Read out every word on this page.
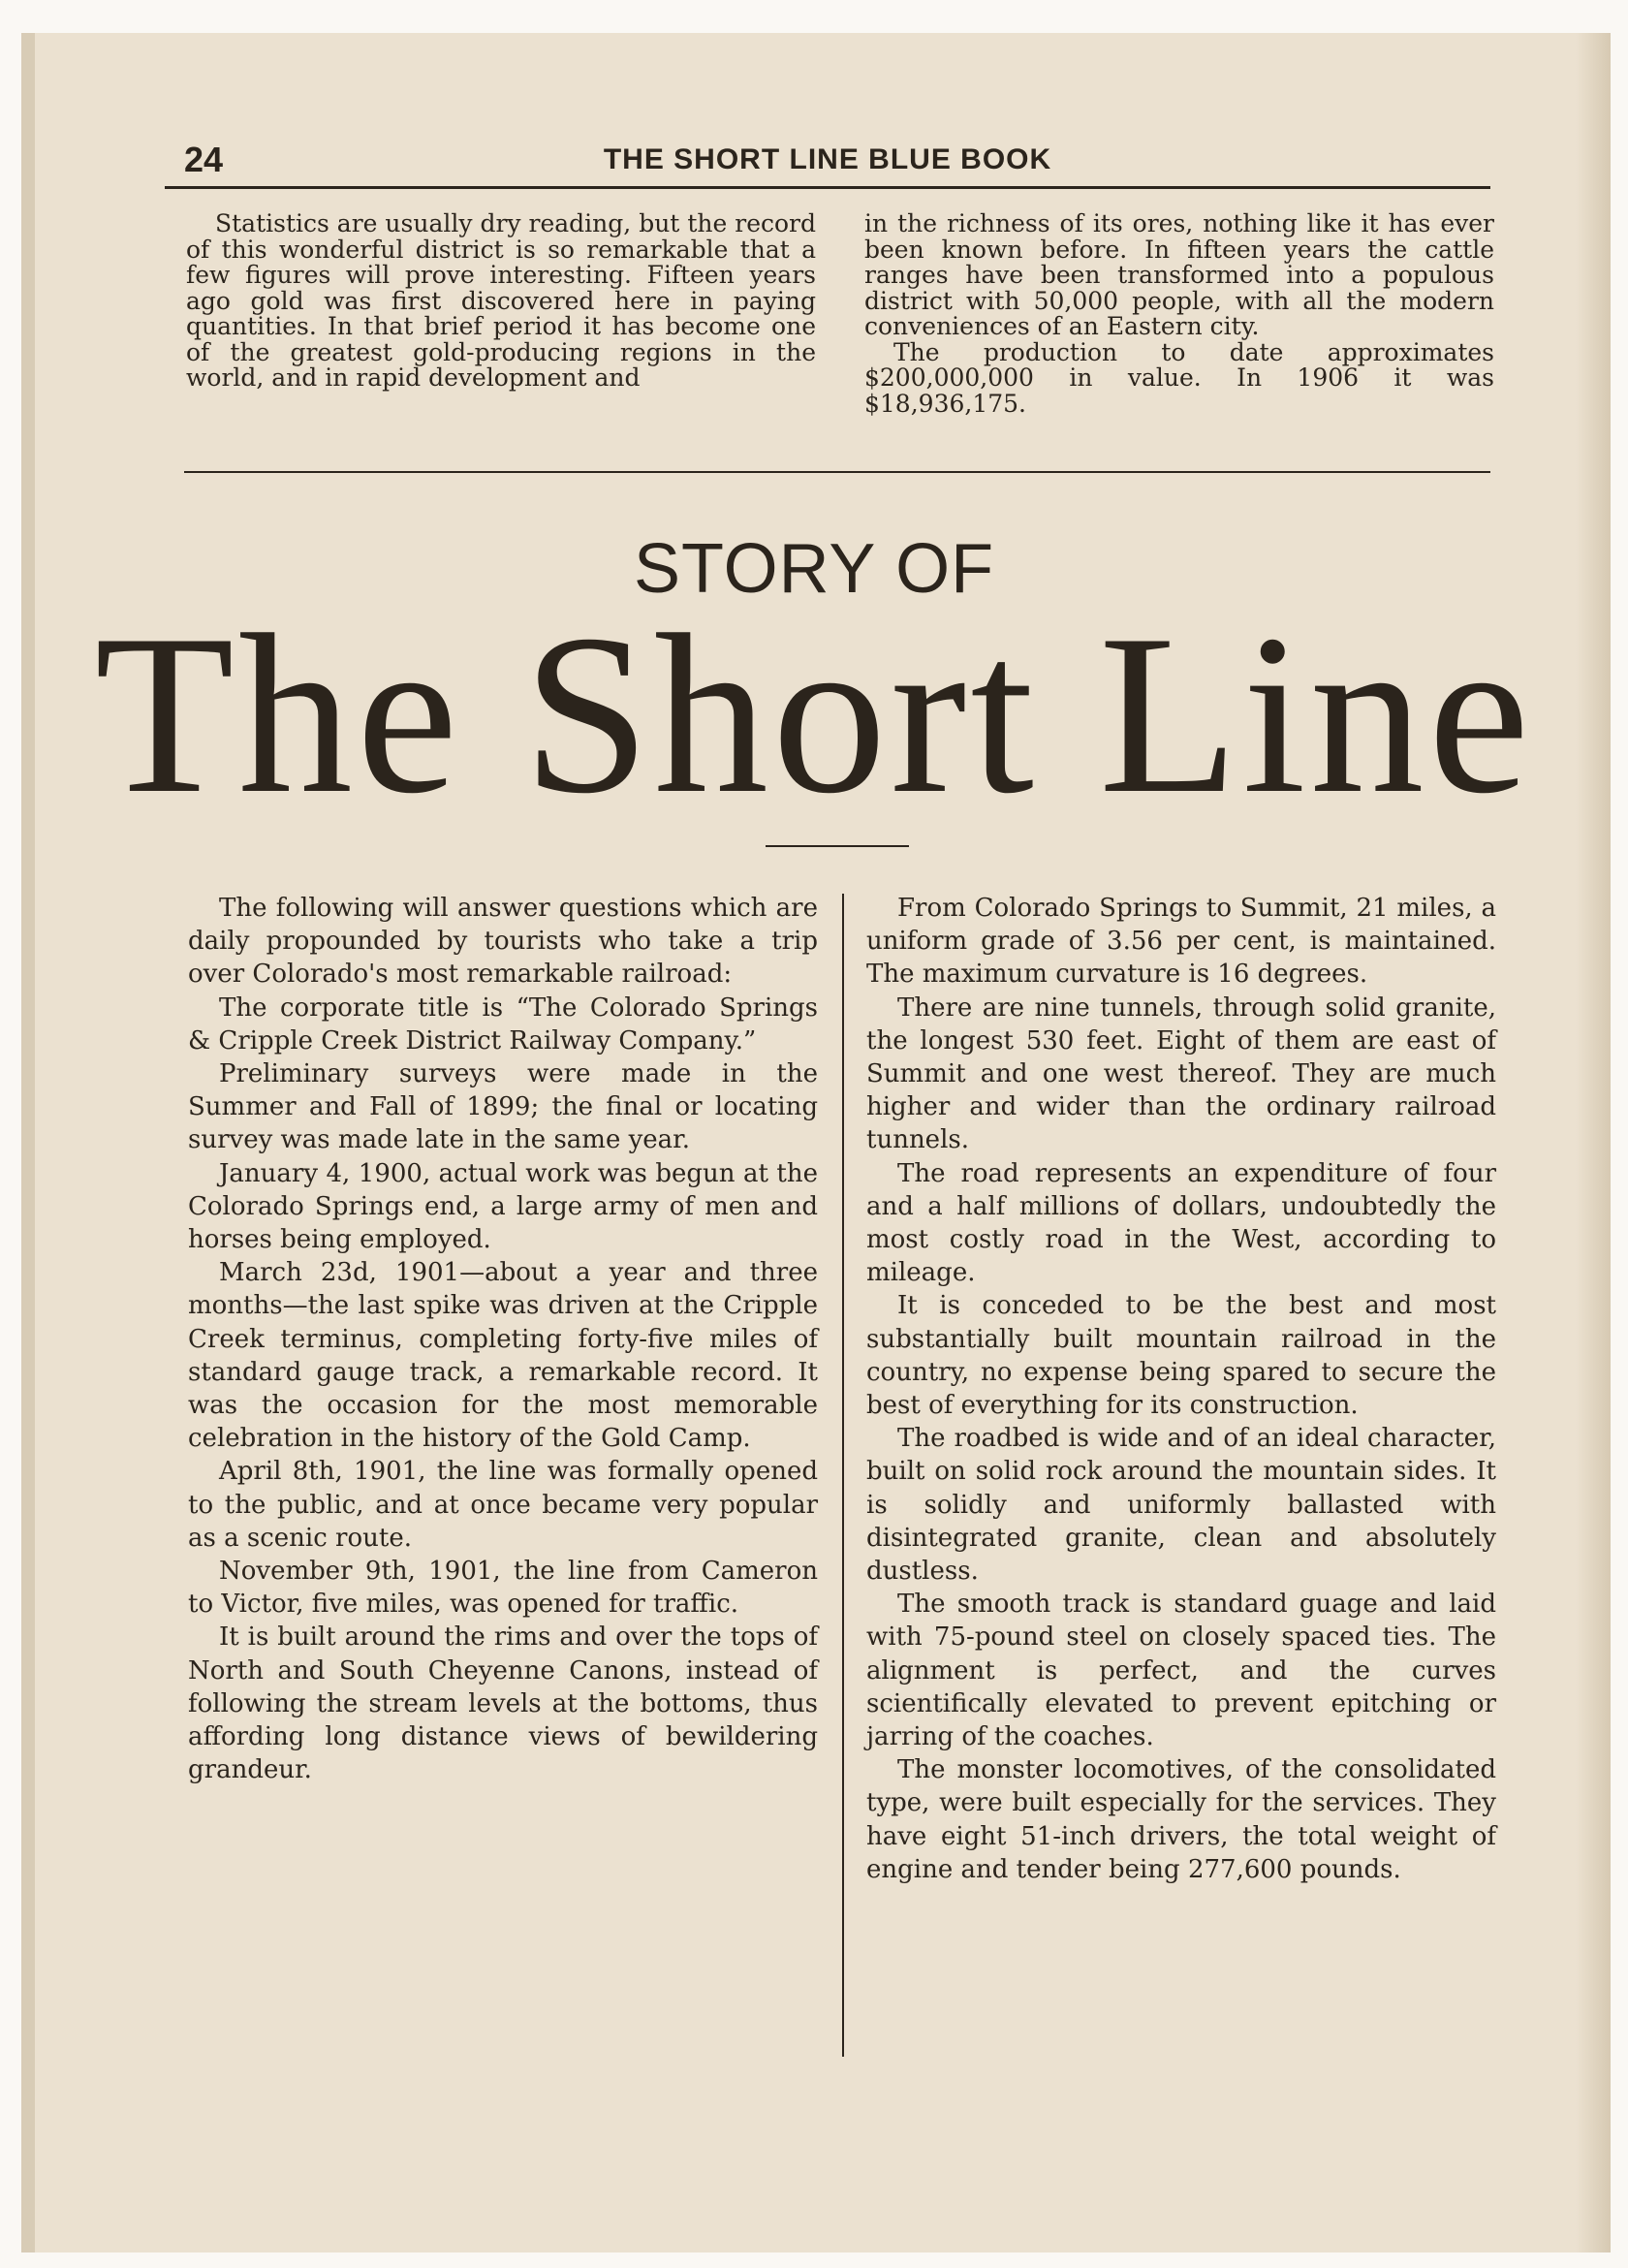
24	THE SHORT LINE BLUE BOOK

Statistics are usually dry reading, but the record of this wonderful district is so remarkable that a few figures will prove interesting. Fifteen years ago gold was first discovered here in paying quantities. In that brief period it has become one of the greatest gold-producing regions in the world, and in rapid development and

in the richness of its ores, nothing like it has ever been known before. In fifteen years the cattle ranges have been transformed into a populous district with 50,000 people, with all the modern conveniences of an Eastern city.

The production to date approximates $200,000,000 in value. In 1906 it was $18,936,175.

STORY OF
The Short Line

The following will answer questions which are daily propounded by tourists who take a trip over Colorado's most remarkable railroad:

The corporate title is “The Colorado Springs & Cripple Creek District Railway Company.”

Preliminary surveys were made in the Summer and Fall of 1899; the final or locating survey was made late in the same year.

January 4, 1900, actual work was begun at the Colorado Springs end, a large army of men and horses being employed.

March 23d, 1901—about a year and three months—the last spike was driven at the Cripple Creek terminus, completing forty-five miles of standard gauge track, a remarkable record. It was the occasion for the most memorable celebration in the history of the Gold Camp.

April 8th, 1901, the line was formally opened to the public, and at once became very popular as a scenic route.

November 9th, 1901, the line from Cameron to Victor, five miles, was opened for traffic.

It is built around the rims and over the tops of North and South Cheyenne Canons, instead of following the stream levels at the bottoms, thus affording long distance views of bewildering grandeur.

From Colorado Springs to Summit, 21 miles, a uniform grade of 3.56 per cent, is maintained. The maximum curvature is 16 degrees.

There are nine tunnels, through solid granite, the longest 530 feet. Eight of them are east of Summit and one west thereof. They are much higher and wider than the ordinary railroad tunnels.

The road represents an expenditure of four and a half millions of dollars, undoubtedly the most costly road in the West, according to mileage.

It is conceded to be the best and most substantially built mountain railroad in the country, no expense being spared to secure the best of everything for its construction.

The roadbed is wide and of an ideal character, built on solid rock around the mountain sides. It is solidly and uniformly ballasted with disintegrated granite, clean and absolutely dustless.

The smooth track is standard guage and laid with 75-pound steel on closely spaced ties. The alignment is perfect, and the curves scientifically elevated to prevent epitching or jarring of the coaches.

The monster locomotives, of the consolidated type, were built especially for the services. They have eight 51-inch drivers, the total weight of engine and tender being 277,600 pounds.
